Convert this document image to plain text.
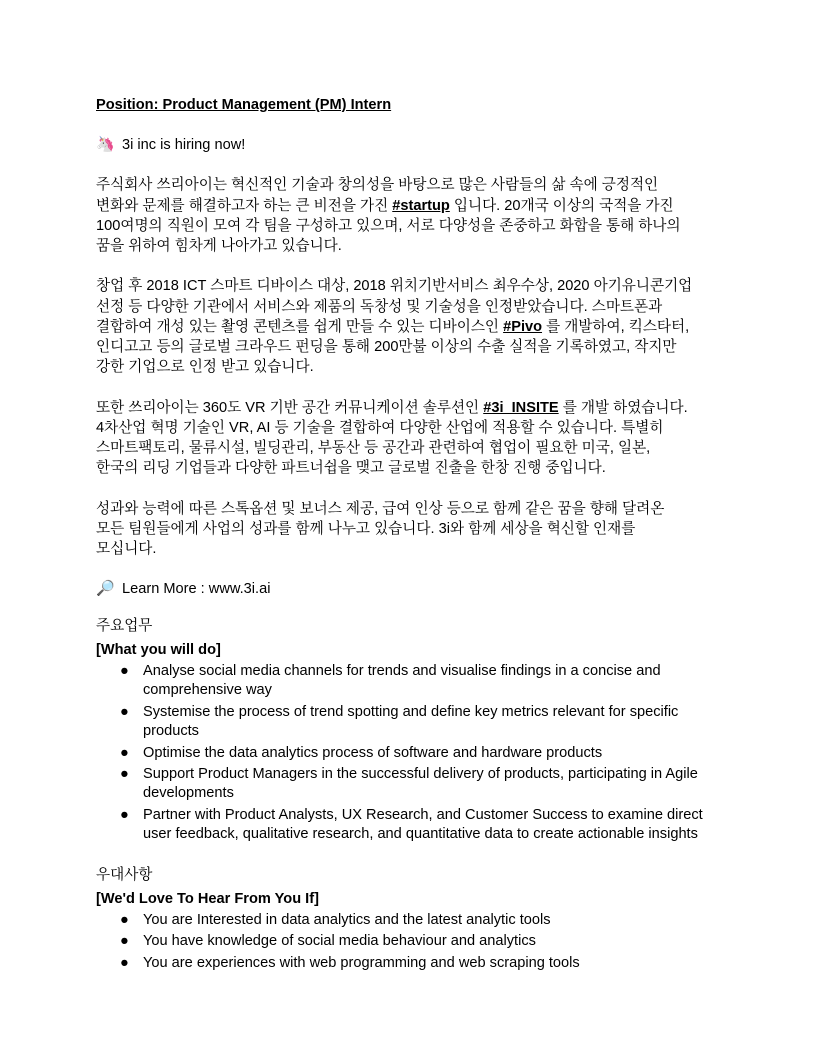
Position: Product Management (PM) Intern
🦄 3i inc is hiring now!
주식회사 쓰리아이는 혁신적인 기술과 창의성을 바탕으로 많은 사람들의 삶 속에 긍정적인
변화와 문제를 해결하고자 하는 큰 비전을 가진 #startup 입니다. 20개국 이상의 국적을 가진
100여명의 직원이 모여 각 팀을 구성하고 있으며, 서로 다양성을 존중하고 화합을 통해 하나의
꿈을 위하여 힘차게 나아가고 있습니다.
창업 후 2018 ICT 스마트 디바이스 대상, 2018 위치기반서비스 최우수상, 2020 아기유니콘기업
선정 등 다양한 기관에서 서비스와 제품의 독창성 및 기술성을 인정받았습니다. 스마트폰과
결합하여 개성 있는 촬영 콘텐츠를 쉽게 만들 수 있는 디바이스인 #Pivo 를 개발하여, 킥스타터,
인디고고 등의 글로벌 크라우드 펀딩을 통해 200만불 이상의 수출 실적을 기록하였고, 작지만
강한 기업으로 인정 받고 있습니다.
또한 쓰리아이는 360도 VR 기반 공간 커뮤니케이션 솔루션인 #3i_INSITE 를 개발 하였습니다.
4차산업 혁명 기술인 VR, AI 등 기술을 결합하여 다양한 산업에 적용할 수 있습니다. 특별히
스마트팩토리, 물류시설, 빌딩관리, 부동산 등 공간과 관련하여 협업이 필요한 미국, 일본,
한국의 리딩 기업들과 다양한 파트너쉽을 맺고 글로벌 진출을 한창 진행 중입니다.
성과와 능력에 따른 스톡옵션 및 보너스 제공, 급여 인상 등으로 함께 같은 꿈을 향해 달려온
모든 팀원들에게 사업의 성과를 함께 나누고 있습니다. 3i와 함께 세상을 혁신할 인재를
모십니다.
🔎 Learn More : www.3i.ai
주요업무
[What you will do]
● Analyse social media channels for trends and visualise findings in a concise and comprehensive way
● Systemise the process of trend spotting and define key metrics relevant for specific products
● Optimise the data analytics process of software and hardware products
● Support Product Managers in the successful delivery of products, participating in Agile developments
● Partner with Product Analysts, UX Research, and Customer Success to examine direct user feedback, qualitative research, and quantitative data to create actionable insights
우대사항
[We'd Love To Hear From You If]
● You are Interested in data analytics and the latest analytic tools
● You have knowledge of social media behaviour and analytics
● You are experiences with web programming and web scraping tools
